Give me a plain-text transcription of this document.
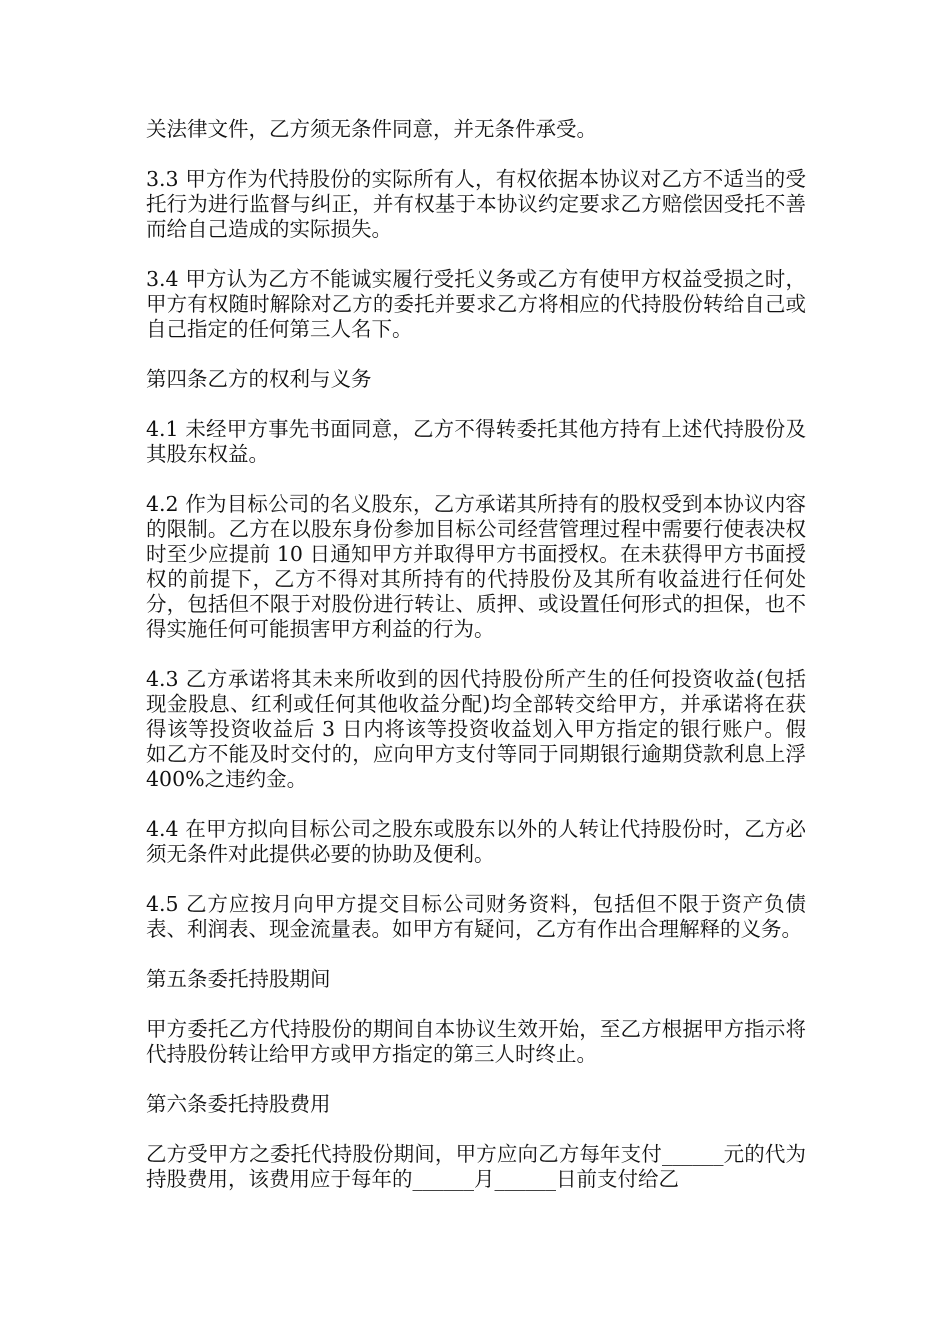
关法律文件，乙方须无条件同意，并无条件承受。

3.3 甲方作为代持股份的实际所有人，有权依据本协议对乙方不适当的受托行为进行监督与纠正，并有权基于本协议约定要求乙方赔偿因受托不善而给自己造成的实际损失。

3.4 甲方认为乙方不能诚实履行受托义务或乙方有使甲方权益受损之时，甲方有权随时解除对乙方的委托并要求乙方将相应的代持股份转给自己或自己指定的任何第三人名下。

第四条乙方的权利与义务

4.1 未经甲方事先书面同意，乙方不得转委托其他方持有上述代持股份及其股东权益。

4.2 作为目标公司的名义股东，乙方承诺其所持有的股权受到本协议内容的限制。乙方在以股东身份参加目标公司经营管理过程中需要行使表决权时至少应提前 10 日通知甲方并取得甲方书面授权。在未获得甲方书面授权的前提下，乙方不得对其所持有的代持股份及其所有收益进行任何处分，包括但不限于对股份进行转让、质押、或设置任何形式的担保，也不得实施任何可能损害甲方利益的行为。

4.3 乙方承诺将其未来所收到的因代持股份所产生的任何投资收益(包括现金股息、红利或任何其他收益分配)均全部转交给甲方，并承诺将在获得该等投资收益后 3 日内将该等投资收益划入甲方指定的银行账户。假如乙方不能及时交付的，应向甲方支付等同于同期银行逾期贷款利息上浮 400%之违约金。

4.4 在甲方拟向目标公司之股东或股东以外的人转让代持股份时，乙方必须无条件对此提供必要的协助及便利。

4.5 乙方应按月向甲方提交目标公司财务资料，包括但不限于资产负债表、利润表、现金流量表。如甲方有疑问，乙方有作出合理解释的义务。

第五条委托持股期间

甲方委托乙方代持股份的期间自本协议生效开始，至乙方根据甲方指示将代持股份转让给甲方或甲方指定的第三人时终止。

第六条委托持股费用

乙方受甲方之委托代持股份期间，甲方应向乙方每年支付______元的代为持股费用，该费用应于每年的______月______日前支付给乙
